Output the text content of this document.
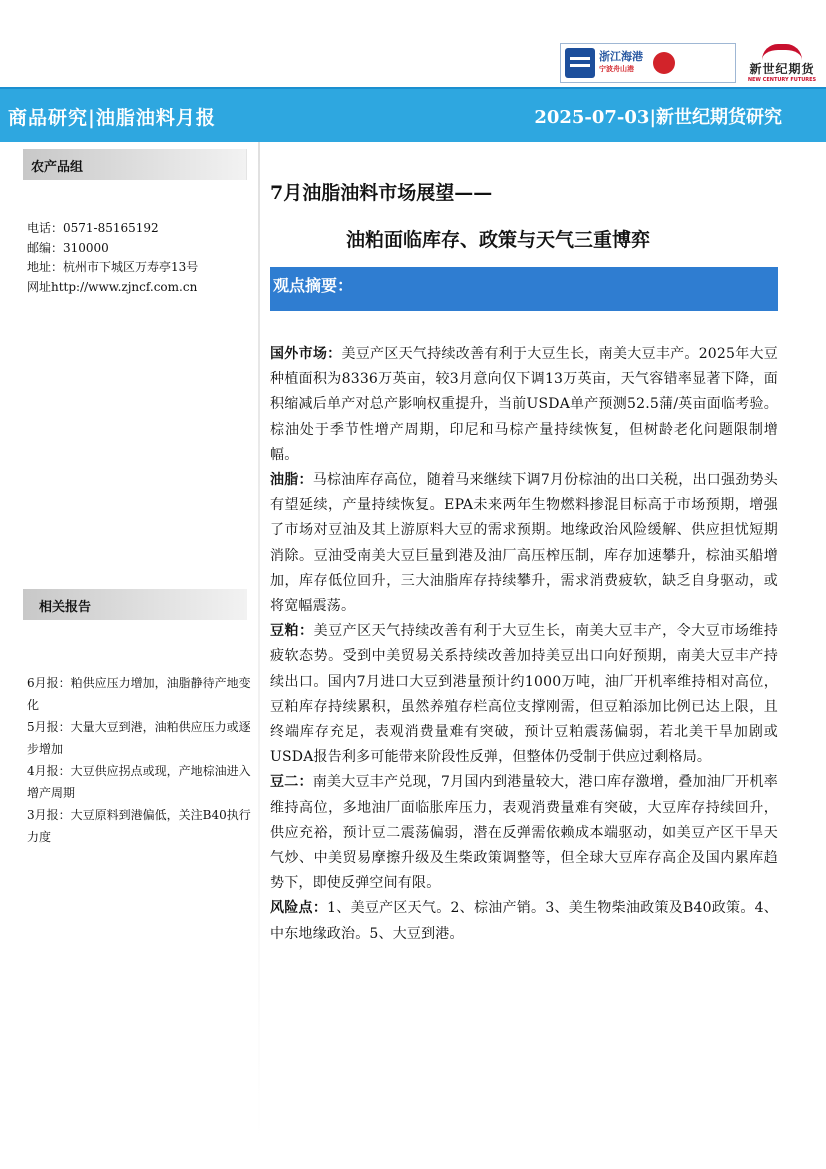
浙江海港
宁波舟山港	新世纪期货
NEW CENTURY FUTURES
商品研究|油脂油料月报	2025-07-03|新世纪期货研究
农产品组
电话：0571-85165192
邮编：310000
地址：杭州市下城区万寿亭13号
网址http://www.zjncf.com.cn
相关报告
6月报：粕供应压力增加，油脂静待产地变化
5月报：大量大豆到港，油粕供应压力或逐步增加
4月报：大豆供应拐点或现，产地棕油进入增产周期
3月报：大豆原料到港偏低，关注B40执行力度
7月油脂油料市场展望——
油粕面临库存、政策与天气三重博弈
观点摘要：

国外市场：美豆产区天气持续改善有利于大豆生长，南美大豆丰产。2025年大豆种植面积为8336万英亩，较3月意向仅下调13万英亩，天气容错率显著下降，面积缩减后单产对总产影响权重提升，当前USDA单产预测52.5蒲/英亩面临考验。棕油处于季节性增产周期，印尼和马棕产量持续恢复，但树龄老化问题限制增幅。

油脂：马棕油库存高位，随着马来继续下调7月份棕油的出口关税，出口强劲势头有望延续，产量持续恢复。EPA未来两年生物燃料掺混目标高于市场预期，增强了市场对豆油及其上游原料大豆的需求预期。地缘政治风险缓解、供应担忧短期消除。豆油受南美大豆巨量到港及油厂高压榨压制，库存加速攀升，棕油买船增加，库存低位回升，三大油脂库存持续攀升，需求消费疲软，缺乏自身驱动，或将宽幅震荡。

豆粕：美豆产区天气持续改善有利于大豆生长，南美大豆丰产，令大豆市场维持疲软态势。受到中美贸易关系持续改善加持美豆出口向好预期，南美大豆丰产持续出口。国内7月进口大豆到港量预计约1000万吨，油厂开机率维持相对高位，豆粕库存持续累积，虽然养殖存栏高位支撑刚需，但豆粕添加比例已达上限，且终端库存充足，表观消费量难有突破，预计豆粕震荡偏弱，若北美干旱加剧或USDA报告利多可能带来阶段性反弹，但整体仍受制于供应过剩格局。

豆二：南美大豆丰产兑现，7月国内到港量较大，港口库存激增，叠加油厂开机率维持高位，多地油厂面临胀库压力，表观消费量难有突破，大豆库存持续回升，供应充裕，预计豆二震荡偏弱，潜在反弹需依赖成本端驱动，如美豆产区干旱天气炒、中美贸易摩擦升级及生柴政策调整等，但全球大豆库存高企及国内累库趋势下，即使反弹空间有限。

风险点：1、美豆产区天气。2、棕油产销。3、美生物柴油政策及B40政策。4、中东地缘政治。5、大豆到港。
